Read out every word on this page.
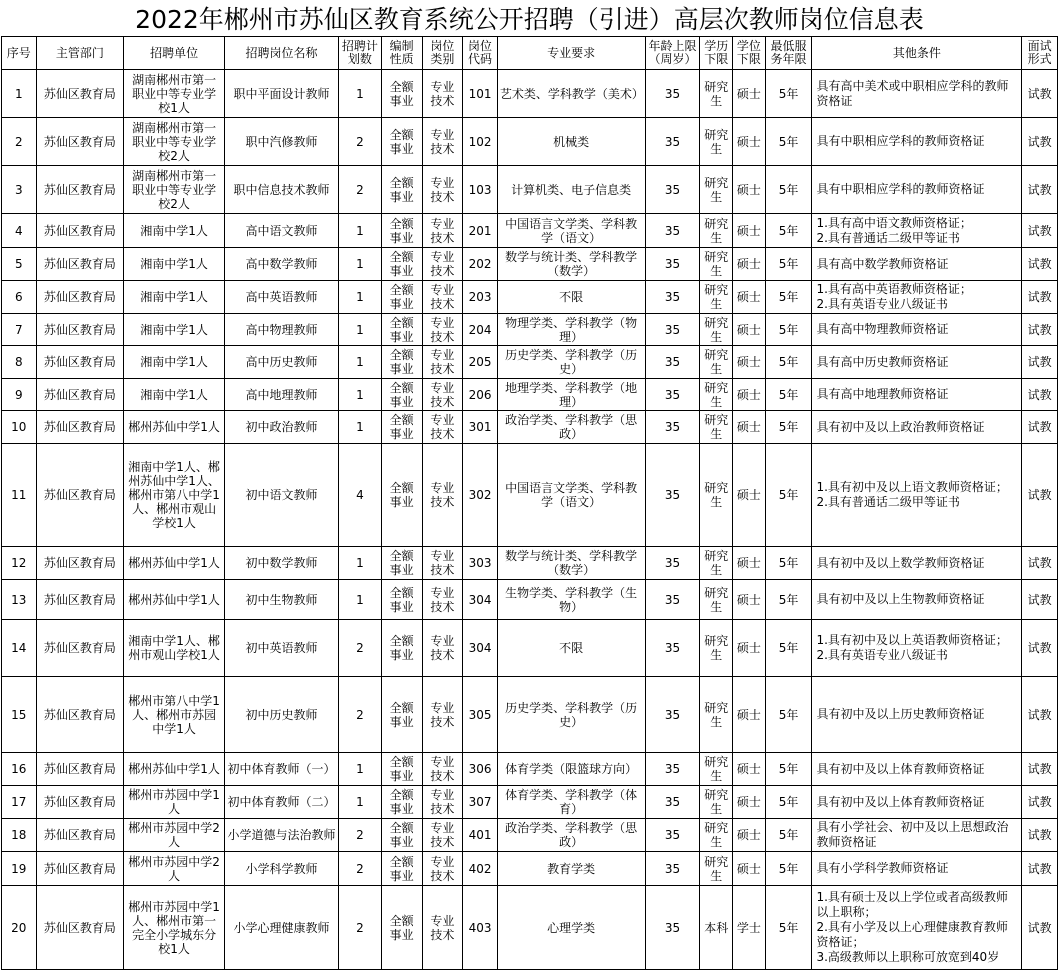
2022年郴州市苏仙区教育系统公开招聘（引进）高层次教师岗位信息表
序号	主管部门	招聘单位	招聘岗位名称	招聘计划数	编制性质	岗位类别	岗位代码	专业要求	年龄上限（周岁）	学历下限	学位下限	最低服务年限	其他条件	面试形式
1	苏仙区教育局	湖南郴州市第一职业中等专业学校1人	职中平面设计教师	1	全额事业	专业技术	101	艺术类、学科教学（美术）	35	研究生	硕士	5年	具有高中美术或中职相应学科的教师资格证	试教
2	苏仙区教育局	湖南郴州市第一职业中等专业学校2人	职中汽修教师	2	全额事业	专业技术	102	机械类	35	研究生	硕士	5年	具有中职相应学科的教师资格证	试教
3	苏仙区教育局	湖南郴州市第一职业中等专业学校2人	职中信息技术教师	2	全额事业	专业技术	103	计算机类、电子信息类	35	研究生	硕士	5年	具有中职相应学科的教师资格证	试教
4	苏仙区教育局	湘南中学1人	高中语文教师	1	全额事业	专业技术	201	中国语言文学类、学科教学（语文）	35	研究生	硕士	5年	1.具有高中语文教师资格证；
2.具有普通话二级甲等证书	试教
5	苏仙区教育局	湘南中学1人	高中数学教师	1	全额事业	专业技术	202	数学与统计类、学科教学（数学）	35	研究生	硕士	5年	具有高中数学教师资格证	试教
6	苏仙区教育局	湘南中学1人	高中英语教师	1	全额事业	专业技术	203	不限	35	研究生	硕士	5年	1.具有高中英语教师资格证；
2.具有英语专业八级证书	试教
7	苏仙区教育局	湘南中学1人	高中物理教师	1	全额事业	专业技术	204	物理学类、学科教学（物理）	35	研究生	硕士	5年	具有高中物理教师资格证	试教
8	苏仙区教育局	湘南中学1人	高中历史教师	1	全额事业	专业技术	205	历史学类、学科教学（历史）	35	研究生	硕士	5年	具有高中历史教师资格证	试教
9	苏仙区教育局	湘南中学1人	高中地理教师	1	全额事业	专业技术	206	地理学类、学科教学（地理）	35	研究生	硕士	5年	具有高中地理教师资格证	试教
10	苏仙区教育局	郴州苏仙中学1人	初中政治教师	1	全额事业	专业技术	301	政治学类、学科教学（思政）	35	研究生	硕士	5年	具有初中及以上政治教师资格证	试教
11	苏仙区教育局	湘南中学1人、郴州苏仙中学1人、郴州市第八中学1人、郴州市观山学校1人	初中语文教师	4	全额事业	专业技术	302	中国语言文学类、学科教学（语文）	35	研究生	硕士	5年	1.具有初中及以上语文教师资格证；
2.具有普通话二级甲等证书	试教
12	苏仙区教育局	郴州苏仙中学1人	初中数学教师	1	全额事业	专业技术	303	数学与统计类、学科教学（数学）	35	研究生	硕士	5年	具有初中及以上数学教师资格证	试教
13	苏仙区教育局	郴州苏仙中学1人	初中生物教师	1	全额事业	专业技术	304	生物学类、学科教学（生物）	35	研究生	硕士	5年	具有初中及以上生物教师资格证	试教
14	苏仙区教育局	湘南中学1人、郴州市观山学校1人	初中英语教师	2	全额事业	专业技术	304	不限	35	研究生	硕士	5年	1.具有初中及以上英语教师资格证；
2.具有英语专业八级证书	试教
15	苏仙区教育局	郴州市第八中学1人、郴州市苏园中学1人	初中历史教师	2	全额事业	专业技术	305	历史学类、学科教学（历史）	35	研究生	硕士	5年	具有初中及以上历史教师资格证	试教
16	苏仙区教育局	郴州苏仙中学1人	初中体育教师（一）	1	全额事业	专业技术	306	体育学类（限篮球方向）	35	研究生	硕士	5年	具有初中及以上体育教师资格证	试教
17	苏仙区教育局	郴州市苏园中学1人	初中体育教师（二）	1	全额事业	专业技术	307	体育学类、学科教学（体育）	35	研究生	硕士	5年	具有初中及以上体育教师资格证	试教
18	苏仙区教育局	郴州市苏园中学2人	小学道德与法治教师	2	全额事业	专业技术	401	政治学类、学科教学（思政）	35	研究生	硕士	5年	具有小学社会、初中及以上思想政治教师资格证	试教
19	苏仙区教育局	郴州市苏园中学2人	小学科学教师	2	全额事业	专业技术	402	教育学类	35	研究生	硕士	5年	具有小学科学教师资格证	试教
20	苏仙区教育局	郴州市苏园中学1人、郴州市第一完全小学城东分校1人	小学心理健康教师	2	全额事业	专业技术	403	心理学类	35	本科	学士	5年	1.具有硕士及以上学位或者高级教师以上职称；
2.具有小学及以上心理健康教育教师资格证；
3.高级教师以上职称可放宽到40岁	试教
